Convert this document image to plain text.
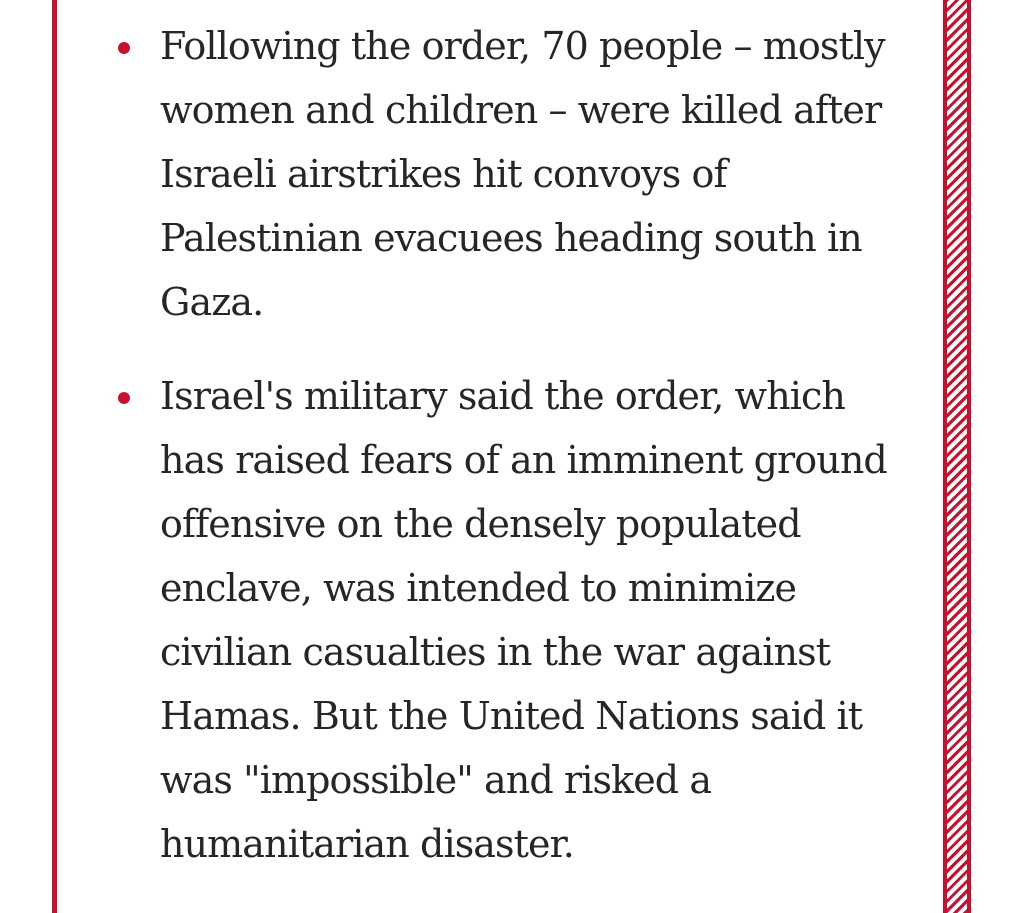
Following the order, 70 people – mostly women and children – were killed after Israeli airstrikes hit convoys of Palestinian evacuees heading south in Gaza.
Israel's military said the order, which has raised fears of an imminent ground offensive on the densely populated enclave, was intended to minimize civilian casualties in the war against Hamas. But the United Nations said it was "impossible" and risked a humanitarian disaster.
